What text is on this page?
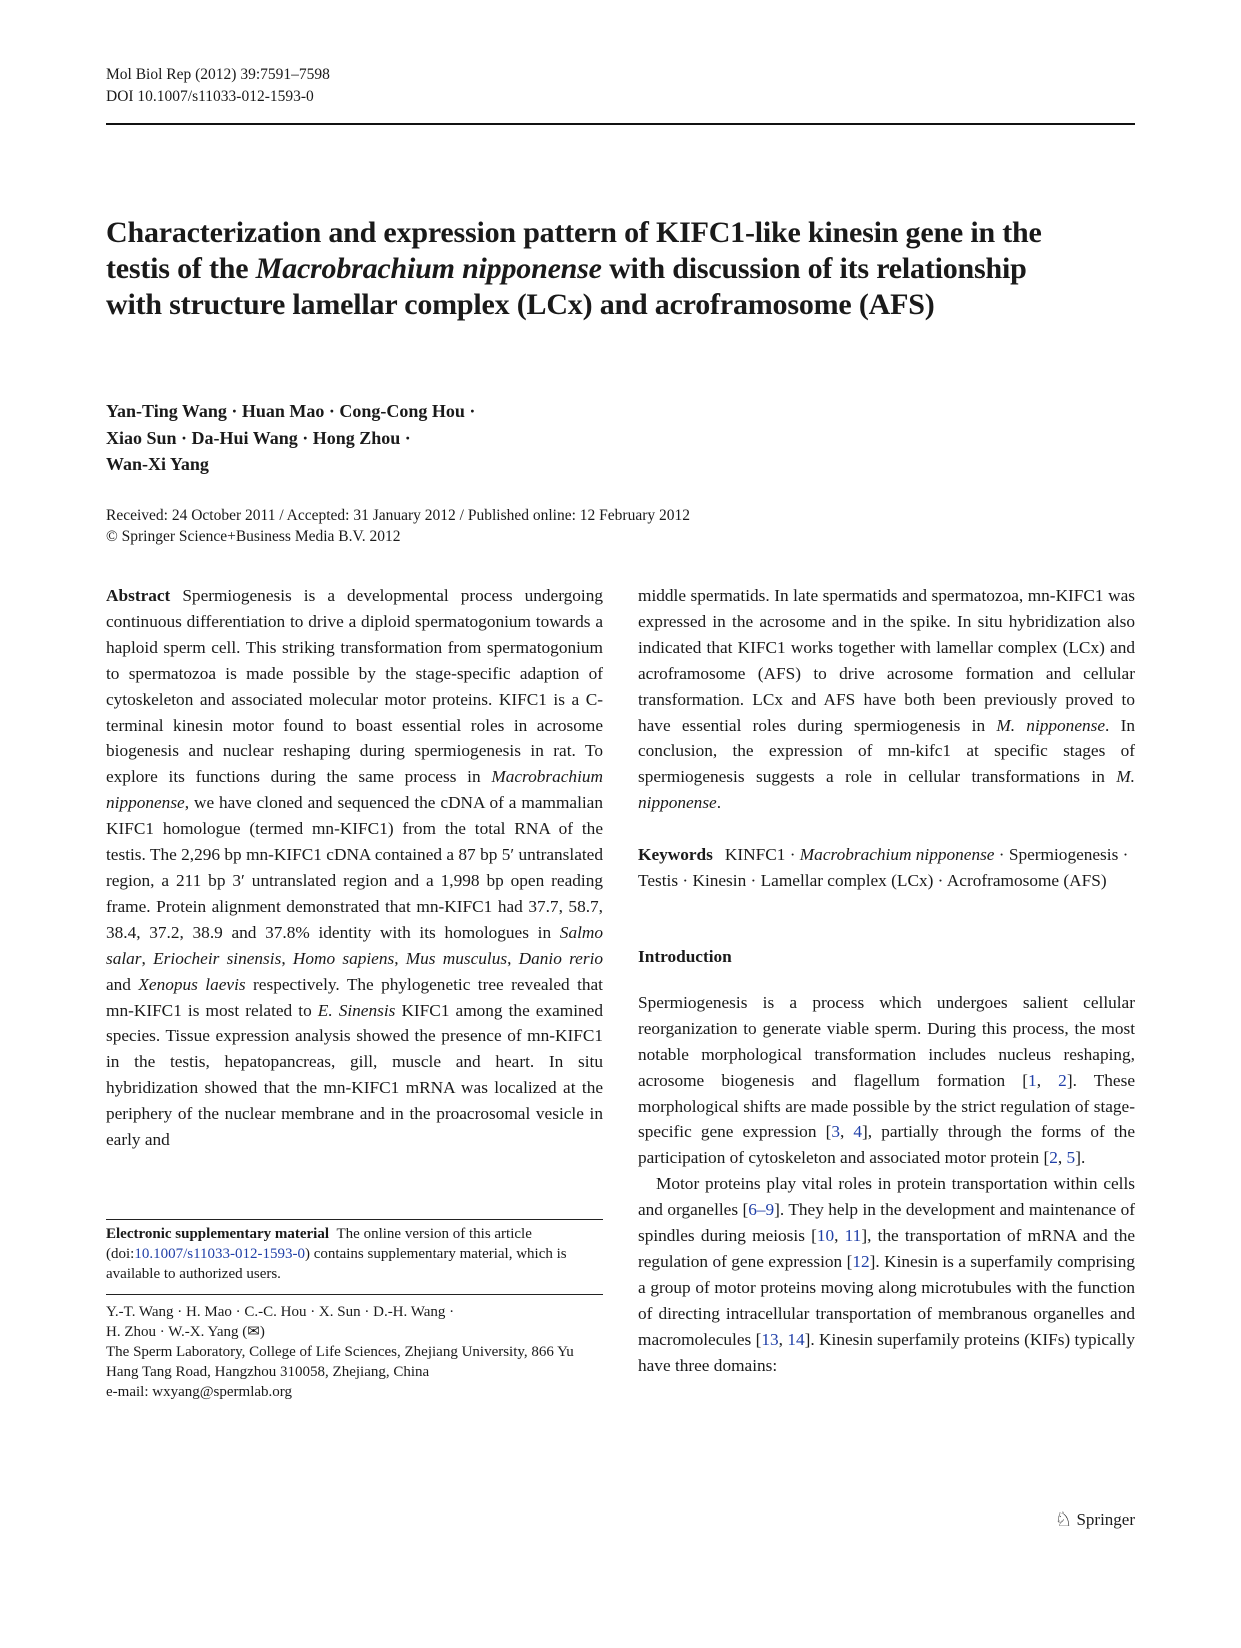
Mol Biol Rep (2012) 39:7591–7598
DOI 10.1007/s11033-012-1593-0
Characterization and expression pattern of KIFC1-like kinesin gene in the testis of the Macrobrachium nipponense with discussion of its relationship with structure lamellar complex (LCx) and acroframosome (AFS)
Yan-Ting Wang · Huan Mao · Cong-Cong Hou ·
Xiao Sun · Da-Hui Wang · Hong Zhou ·
Wan-Xi Yang
Received: 24 October 2011 / Accepted: 31 January 2012 / Published online: 12 February 2012
© Springer Science+Business Media B.V. 2012

Abstract Spermiogenesis is a developmental process undergoing continuous differentiation to drive a diploid spermatogonium towards a haploid sperm cell. This striking transformation from spermatogonium to spermatozoa is made possible by the stage-specific adaption of cytoskeleton and associated molecular motor proteins. KIFC1 is a C-terminal kinesin motor found to boast essential roles in acrosome biogenesis and nuclear reshaping during spermiogenesis in rat. To explore its functions during the same process in Macrobrachium nipponense, we have cloned and sequenced the cDNA of a mammalian KIFC1 homologue (termed mn-KIFC1) from the total RNA of the testis. The 2,296 bp mn-KIFC1 cDNA contained a 87 bp 5′ untranslated region, a 211 bp 3′ untranslated region and a 1,998 bp open reading frame. Protein alignment demonstrated that mn-KIFC1 had 37.7, 58.7, 38.4, 37.2, 38.9 and 37.8% identity with its homologues in Salmo salar, Eriocheir sinensis, Homo sapiens, Mus musculus, Danio rerio and Xenopus laevis respectively. The phylogenetic tree revealed that mn-KIFC1 is most related to E. Sinensis KIFC1 among the examined species. Tissue expression analysis showed the presence of mn-KIFC1 in the testis, hepatopancreas, gill, muscle and heart. In situ hybridization showed that the mn-KIFC1 mRNA was localized at the periphery of the nuclear membrane and in the proacrosomal vesicle in early and

Electronic supplementary material The online version of this article (doi:10.1007/s11033-012-1593-0) contains supplementary material, which is available to authorized users.
Y.-T. Wang · H. Mao · C.-C. Hou · X. Sun · D.-H. Wang ·
H. Zhou · W.-X. Yang (✉)
The Sperm Laboratory, College of Life Sciences, Zhejiang University, 866 Yu Hang Tang Road, Hangzhou 310058, Zhejiang, China
e-mail: wxyang@spermlab.org

middle spermatids. In late spermatids and spermatozoa, mn-KIFC1 was expressed in the acrosome and in the spike. In situ hybridization also indicated that KIFC1 works together with lamellar complex (LCx) and acroframosome (AFS) to drive acrosome formation and cellular transformation. LCx and AFS have both been previously proved to have essential roles during spermiogenesis in M. nipponense. In conclusion, the expression of mn-kifc1 at specific stages of spermiogenesis suggests a role in cellular transformations in M. nipponense.

Keywords KINFC1 · Macrobrachium nipponense · Spermiogenesis · Testis · Kinesin · Lamellar complex (LCx) · Acroframosome (AFS)

Introduction

Spermiogenesis is a process which undergoes salient cellular reorganization to generate viable sperm. During this process, the most notable morphological transformation includes nucleus reshaping, acrosome biogenesis and flagellum formation [1, 2]. These morphological shifts are made possible by the strict regulation of stage-specific gene expression [3, 4], partially through the forms of the participation of cytoskeleton and associated motor protein [2, 5].

Motor proteins play vital roles in protein transportation within cells and organelles [6–9]. They help in the development and maintenance of spindles during meiosis [10, 11], the transportation of mRNA and the regulation of gene expression [12]. Kinesin is a superfamily comprising a group of motor proteins moving along microtubules with the function of directing intracellular transportation of membranous organelles and macromolecules [13, 14]. Kinesin superfamily proteins (KIFs) typically have three domains:

♘ Springer
